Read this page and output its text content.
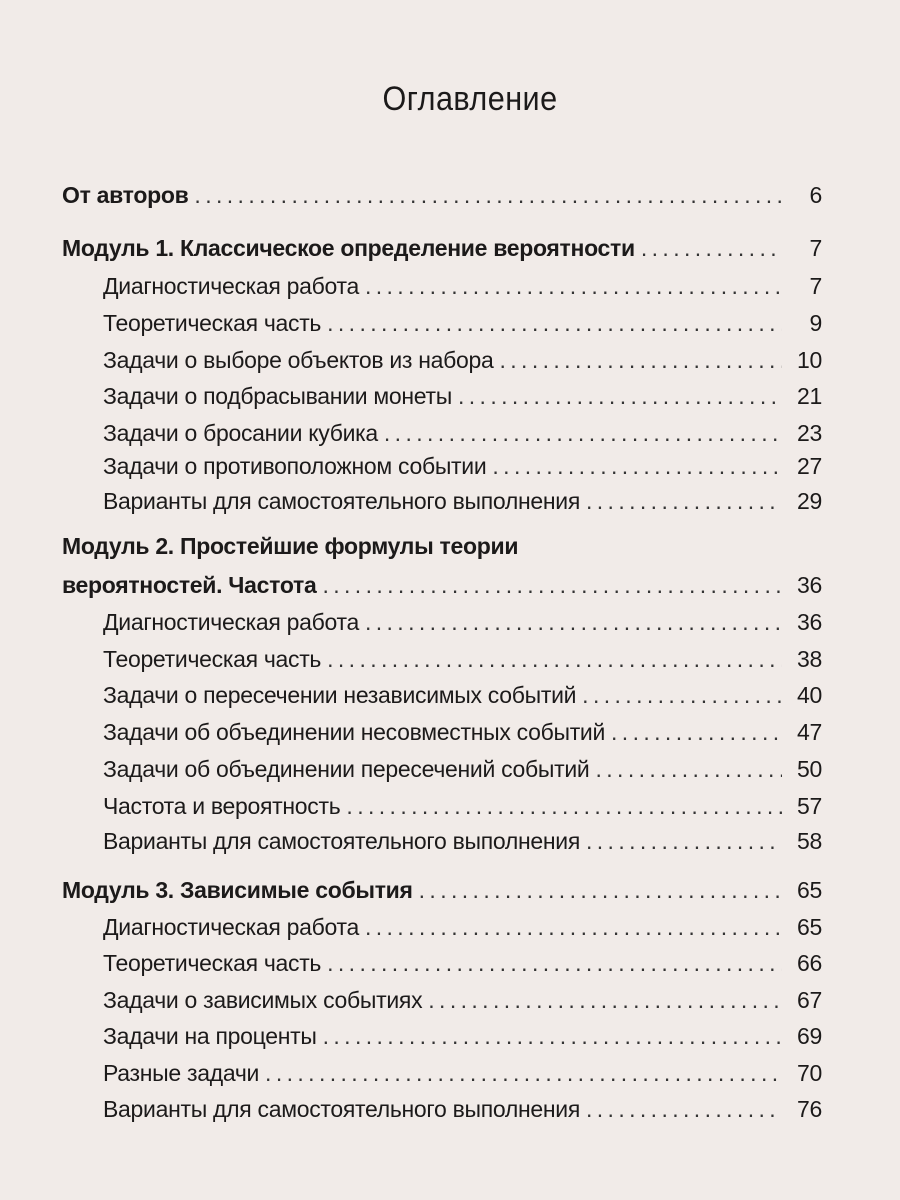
Оглавление
От авторов . . .	6
Модуль 1. Классическое определение вероятности . . .	7
Диагностическая работа . . .	7
Теоретическая часть . . .	9
Задачи о выборе объектов из набора . . .	10
Задачи о подбрасывании монеты . . .	21
Задачи о бросании кубика . . .	23
Задачи о противоположном событии . . .	27
Варианты для самостоятельного выполнения . . .	29
Модуль 2. Простейшие формулы теории
вероятностей. Частота . . .	36
Диагностическая работа . . .	36
Теоретическая часть . . .	38
Задачи о пересечении независимых событий . . .	40
Задачи об объединении несовместных событий . . .	47
Задачи об объединении пересечений событий . . .	50
Частота и вероятность . . .	57
Варианты для самостоятельного выполнения . . .	58
Модуль 3. Зависимые события . . .	65
Диагностическая работа . . .	65
Теоретическая часть . . .	66
Задачи о зависимых событиях . . .	67
Задачи на проценты . . .	69
Разные задачи . . .	70
Варианты для самостоятельного выполнения . . .	76
